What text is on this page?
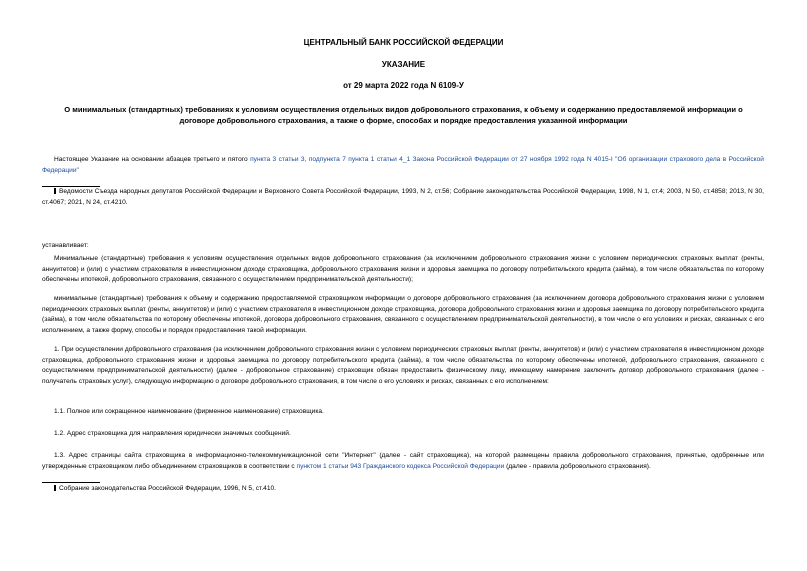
ЦЕНТРАЛЬНЫЙ БАНК РОССИЙСКОЙ ФЕДЕРАЦИИ
УКАЗАНИЕ
от 29 марта 2022 года N 6109-У
О минимальных (стандартных) требованиях к условиям осуществления отдельных видов добровольного страхования, к объему и содержанию предоставляемой информации о договоре добровольного страхования, а также о форме, способах и порядке предоставления указанной информации

Настоящее Указание на основании абзацев третьего и пятого пункта 3 статьи 3, подпункта 7 пункта 1 статьи 4_1 Закона Российской Федерации от 27 ноября 1992 года N 4015-I "Об организации страхового дела в Российской Федерации"

Ведомости Съезда народных депутатов Российской Федерации и Верховного Совета Российской Федерации, 1993, N 2, ст.56; Собрание законодательства Российской Федерации, 1998, N 1, ст.4; 2003, N 50, ст.4858; 2013, N 30, ст.4067; 2021, N 24, ст.4210.

устанавливает:

Минимальные (стандартные) требования к условиям осуществления отдельных видов добровольного страхования (за исключением добровольного страхования жизни с условием периодических страховых выплат (ренты, аннуитетов) и (или) с участием страхователя в инвестиционном доходе страховщика, добровольного страхования жизни и здоровья заемщика по договору потребительского кредита (займа), в том числе обязательства по которому обеспечены ипотекой, добровольного страхования, связанного с осуществлением предпринимательской деятельности);

минимальные (стандартные) требования к объему и содержанию предоставляемой страховщиком информации о договоре добровольного страхования (за исключением договора добровольного страхования жизни с условием периодических страховых выплат (ренты, аннуитетов) и (или) с участием страхователя в инвестиционном доходе страховщика, договора добровольного страхования жизни и здоровья заемщика по договору потребительского кредита (займа), в том числе обязательства по которому обеспечены ипотекой, договора добровольного страхования, связанного с осуществлением предпринимательской деятельности), в том числе о его условиях и рисках, связанных с его исполнением, а также форму, способы и порядок предоставления такой информации.

1. При осуществлении добровольного страхования (за исключением добровольного страхования жизни с условием периодических страховых выплат (ренты, аннуитетов) и (или) с участием страхователя в инвестиционном доходе страховщика, добровольного страхования жизни и здоровья заемщика по договору потребительского кредита (займа), в том числе обязательства по которому обеспечены ипотекой, добровольного страхования, связанного с осуществлением предпринимательской деятельности) (далее - добровольное страхование) страховщик обязан предоставить физическому лицу, имеющему намерение заключить договор добровольного страхования (далее - получатель страховых услуг), следующую информацию о договоре добровольного страхования, в том числе о его условиях и рисках, связанных с его исполнением:

1.1. Полное или сокращенное наименование (фирменное наименование) страховщика.

1.2. Адрес страховщика для направления юридически значимых сообщений.

1.3. Адрес страницы сайта страховщика в информационно-телекоммуникационной сети "Интернет" (далее - сайт страховщика), на которой размещены правила добровольного страхования, принятые, одобренные или утвержденные страховщиком либо объединением страховщиков в соответствии с пунктом 1 статьи 943 Гражданского кодекса Российской Федерации (далее - правила добровольного страхования).

Собрание законодательства Российской Федерации, 1996, N 5, ст.410.
